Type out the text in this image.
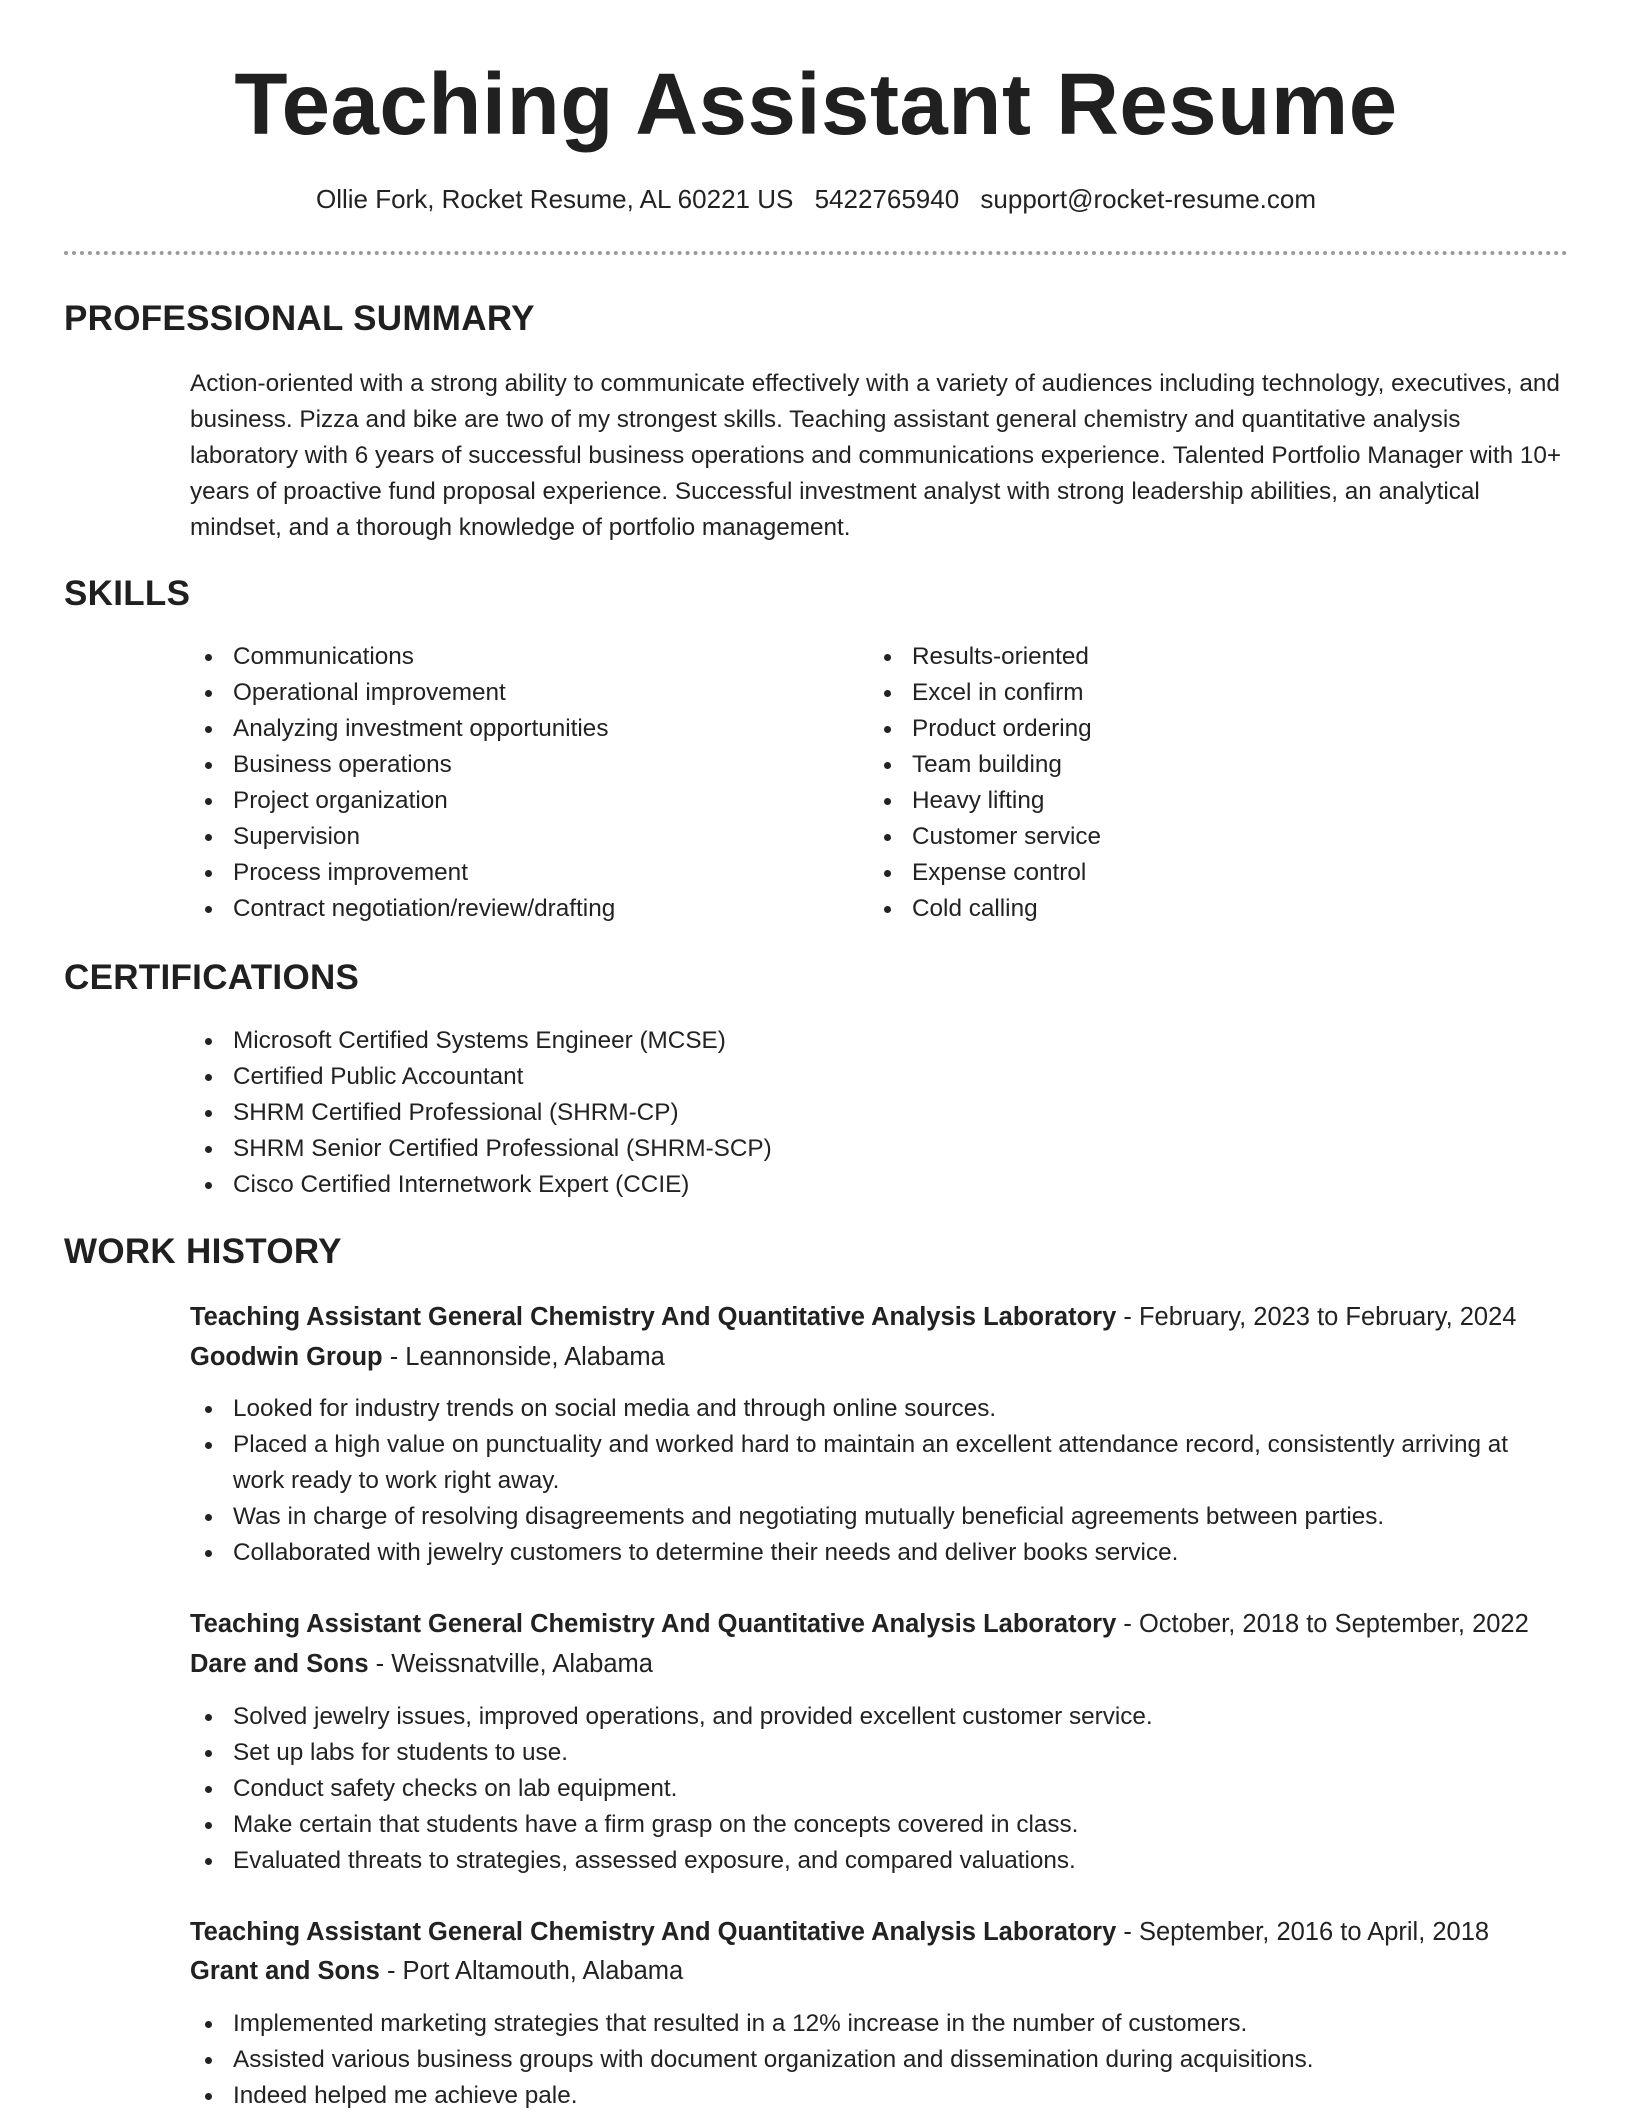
Teaching Assistant Resume
Ollie Fork, Rocket Resume, AL 60221 US 5422765940 support@rocket-resume.com
PROFESSIONAL SUMMARY

Action-oriented with a strong ability to communicate effectively with a variety of audiences including technology, executives, and business. Pizza and bike are two of my strongest skills. Teaching assistant general chemistry and quantitative analysis laboratory with 6 years of successful business operations and communications experience. Talented Portfolio Manager with 10+ years of proactive fund proposal experience. Successful investment analyst with strong leadership abilities, an analytical mindset, and a thorough knowledge of portfolio management.

SKILLS
Communications
Operational improvement
Analyzing investment opportunities
Business operations
Project organization
Supervision
Process improvement
Contract negotiation/review/drafting
Results-oriented
Excel in confirm
Product ordering
Team building
Heavy lifting
Customer service
Expense control
Cold calling
CERTIFICATIONS
Microsoft Certified Systems Engineer (MCSE)
Certified Public Accountant
SHRM Certified Professional (SHRM-CP)
SHRM Senior Certified Professional (SHRM-SCP)
Cisco Certified Internetwork Expert (CCIE)
WORK HISTORY
Teaching Assistant General Chemistry And Quantitative Analysis Laboratory - February, 2023 to February, 2024
Goodwin Group - Leannonside, Alabama
Looked for industry trends on social media and through online sources.
Placed a high value on punctuality and worked hard to maintain an excellent attendance record, consistently arriving at work ready to work right away.
Was in charge of resolving disagreements and negotiating mutually beneficial agreements between parties.
Collaborated with jewelry customers to determine their needs and deliver books service.
Teaching Assistant General Chemistry And Quantitative Analysis Laboratory - October, 2018 to September, 2022
Dare and Sons - Weissnatville, Alabama
Solved jewelry issues, improved operations, and provided excellent customer service.
Set up labs for students to use.
Conduct safety checks on lab equipment.
Make certain that students have a firm grasp on the concepts covered in class.
Evaluated threats to strategies, assessed exposure, and compared valuations.
Teaching Assistant General Chemistry And Quantitative Analysis Laboratory - September, 2016 to April, 2018
Grant and Sons - Port Altamouth, Alabama
Implemented marketing strategies that resulted in a 12% increase in the number of customers.
Assisted various business groups with document organization and dissemination during acquisitions.
Indeed helped me achieve pale.
